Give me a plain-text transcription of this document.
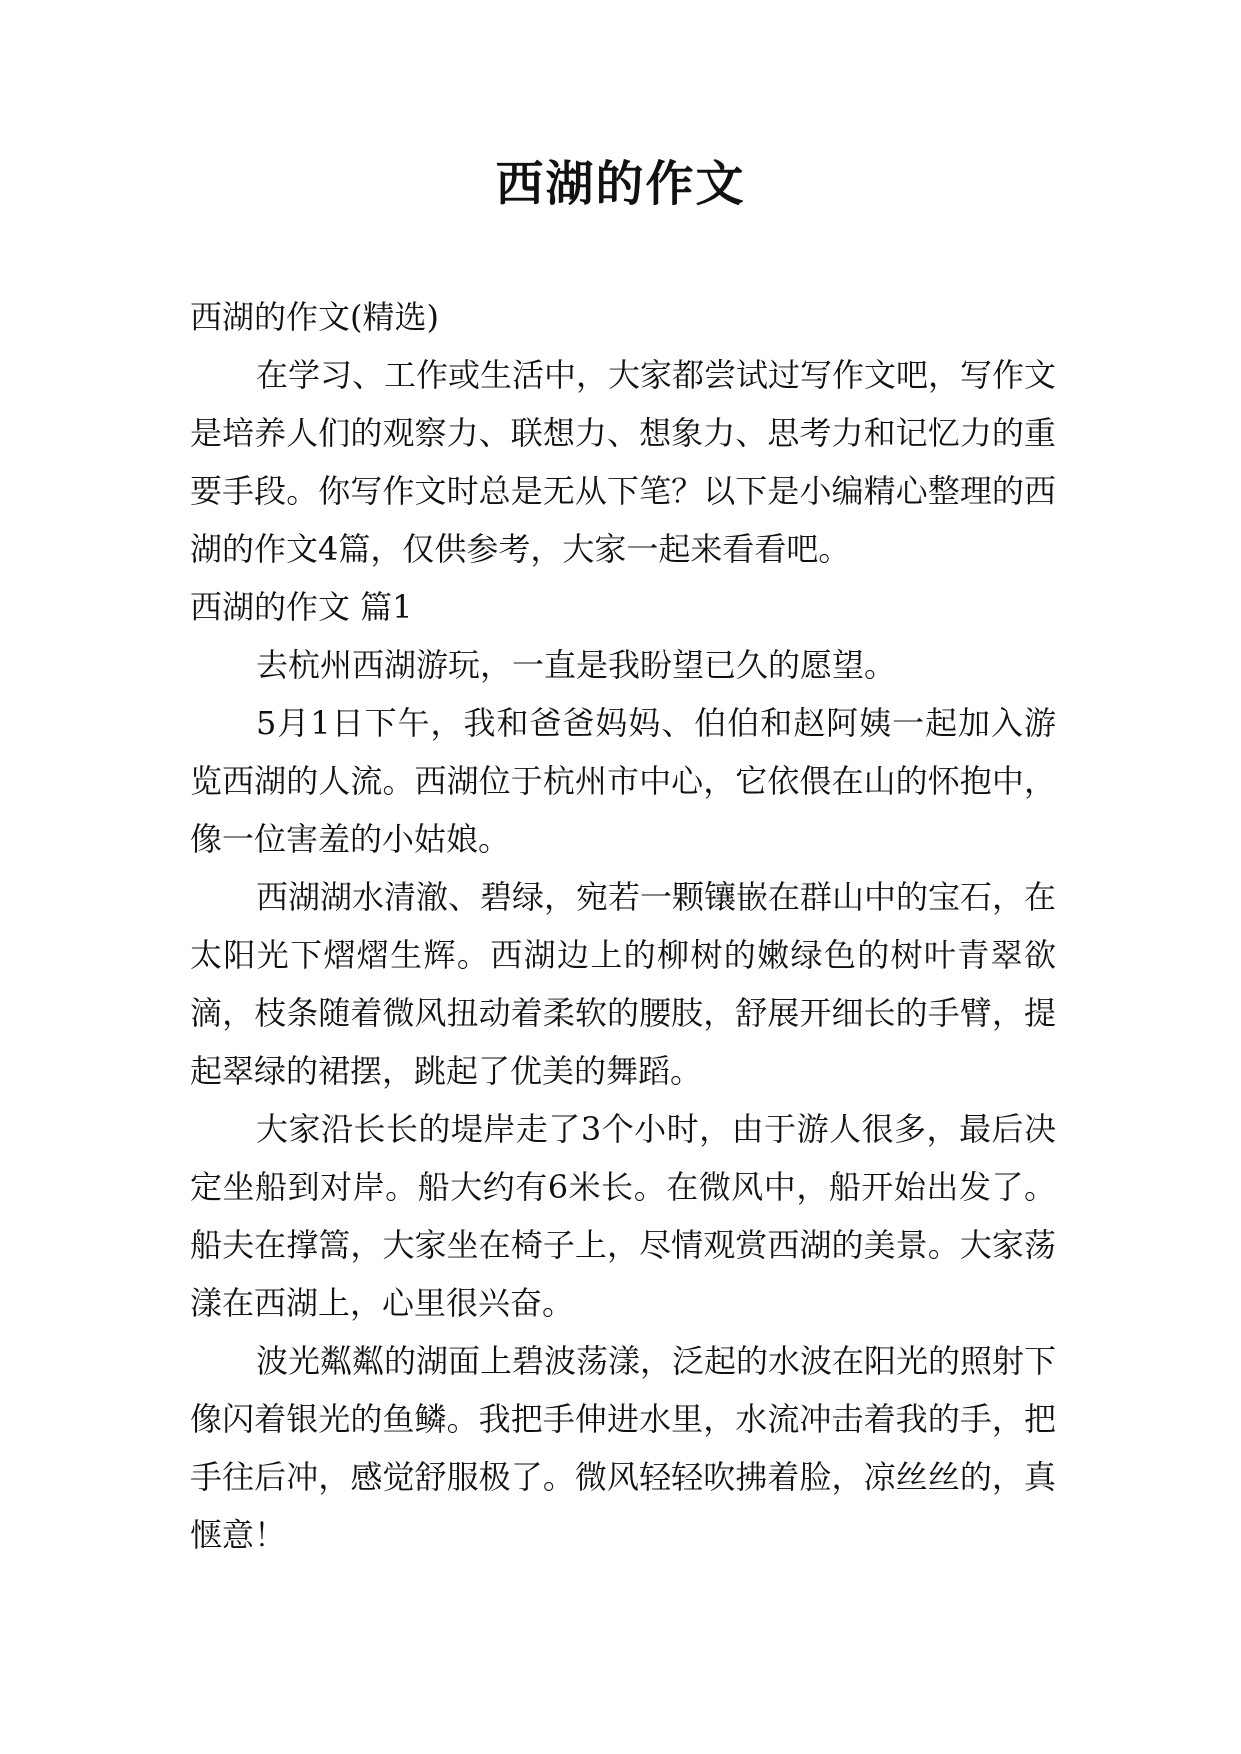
西湖的作文

西湖的作文(精选)

在学习、工作或生活中，大家都尝试过写作文吧，写作文是培养人们的观察力、联想力、想象力、思考力和记忆力的重要手段。你写作文时总是无从下笔？以下是小编精心整理的西湖的作文4篇，仅供参考，大家一起来看看吧。

西湖的作文 篇1

去杭州西湖游玩，一直是我盼望已久的愿望。

5月1日下午，我和爸爸妈妈、伯伯和赵阿姨一起加入游览西湖的人流。西湖位于杭州市中心，它依偎在山的怀抱中，像一位害羞的小姑娘。

西湖湖水清澈、碧绿，宛若一颗镶嵌在群山中的宝石，在太阳光下熠熠生辉。西湖边上的柳树的嫩绿色的树叶青翠欲滴，枝条随着微风扭动着柔软的腰肢，舒展开细长的手臂，提起翠绿的裙摆，跳起了优美的舞蹈。

大家沿长长的堤岸走了3个小时，由于游人很多，最后决定坐船到对岸。船大约有6米长。在微风中，船开始出发了。船夫在撑篙，大家坐在椅子上，尽情观赏西湖的美景。大家荡漾在西湖上，心里很兴奋。

波光粼粼的湖面上碧波荡漾，泛起的水波在阳光的照射下像闪着银光的鱼鳞。我把手伸进水里，水流冲击着我的手，把手往后冲，感觉舒服极了。微风轻轻吹拂着脸，凉丝丝的，真惬意！
